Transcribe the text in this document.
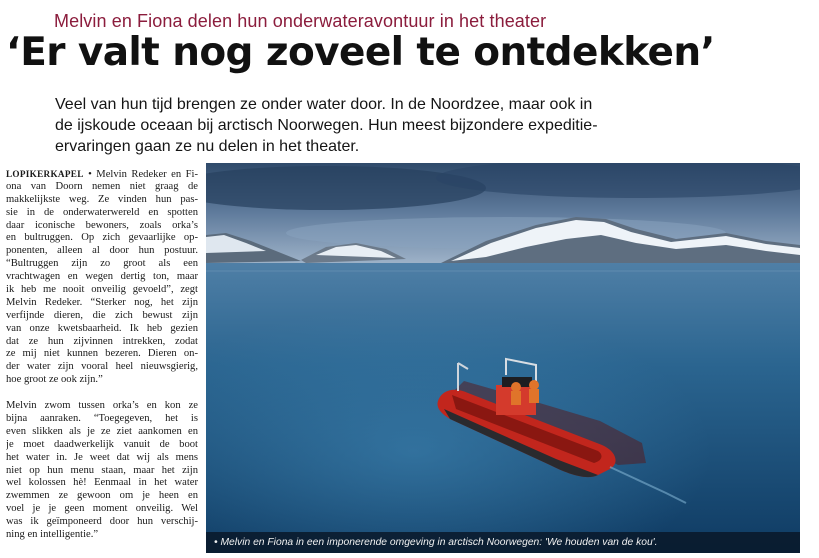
Melvin en Fiona delen hun onderwateravontuur in het theater
‘Er valt nog zoveel te ontdekken’
Veel van hun tijd brengen ze onder water door. In de Noordzee, maar ook in
de ijskoude oceaan bij arctisch Noorwegen. Hun meest bijzondere expeditie-
ervaringen gaan ze nu delen in het theater.
LOPIKERKAPEL • Melvin Redeker en Fi-
ona van Doorn nemen niet graag de
makkelijkste weg. Ze vinden hun pas-
sie in de onderwaterwereld en spotten
daar iconische bewoners, zoals orka’s
en bultruggen. Op zich gevaarlijke op-
ponenten, alleen al door hun postuur.
“Bultruggen zijn zo groot als een
vrachtwagen en wegen dertig ton, maar
ik heb me nooit onveilig gevoeld”, zegt
Melvin Redeker. “Sterker nog, het zijn
verfijnde dieren, die zich bewust zijn
van onze kwetsbaarheid. Ik heb gezien
dat ze hun zijvinnen intrekken, zodat
ze mij niet kunnen bezeren. Dieren on-
der water zijn vooral heel nieuwsgierig,
hoe groot ze ook zijn.”
Melvin zwom tussen orka’s en kon ze
bijna aanraken. “Toegegeven, het is
even slikken als je ze ziet aankomen en
je moet daadwerkelijk vanuit de boot
het water in. Je weet dat wij als mens
niet op hun menu staan, maar het zijn
wel kolossen hè! Eenmaal in het water
zwemmen ze gewoon om je heen en
voel je je geen moment onveilig. Wel
was ik geïmponeerd door hun verschij-
ning en intelligentie.”
• Melvin en Fiona in een imponerende omgeving in arctisch Noorwegen: 'We houden van de kou'.
